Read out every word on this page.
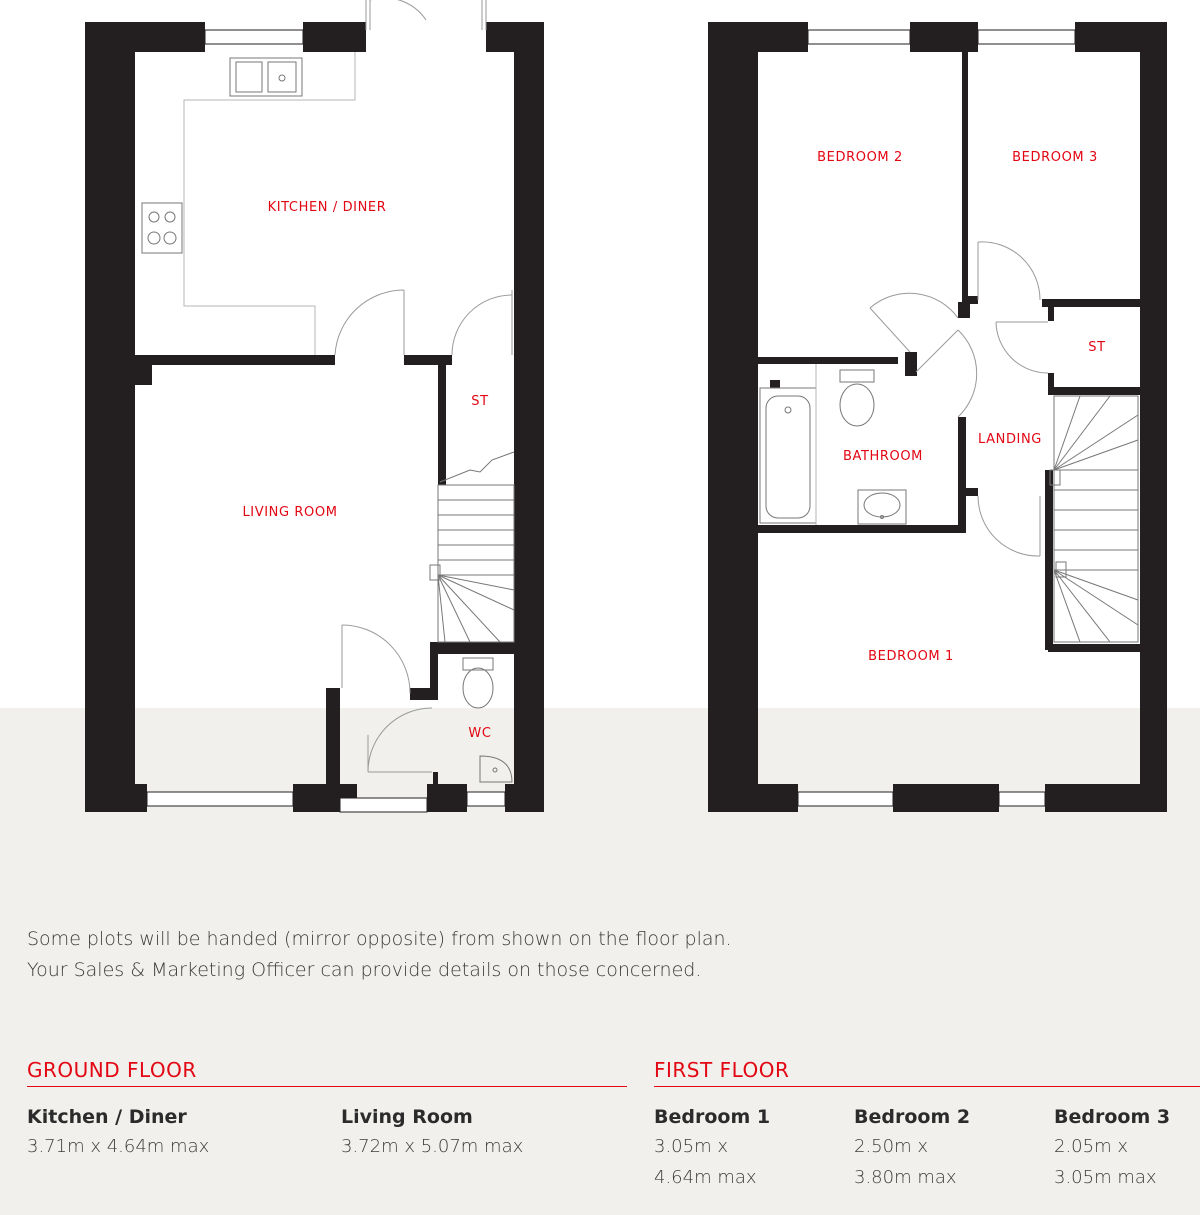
KITCHEN / DINER
LIVING ROOM
ST
WC
BEDROOM 2	BEDROOM 3
ST
BATHROOM
LANDING
BEDROOM 1
Some plots will be handed (mirror opposite) from shown on the floor plan.
Your Sales & Marketing Officer can provide details on those concerned.
GROUND FLOOR	FIRST FLOOR
Kitchen / Diner
3.71m x 4.64m max
Living Room
3.72m x 5.07m max
Bedroom 1
3.05m x
4.64m max
Bedroom 2
2.50m x
3.80m max
Bedroom 3
2.05m x
3.05m max
